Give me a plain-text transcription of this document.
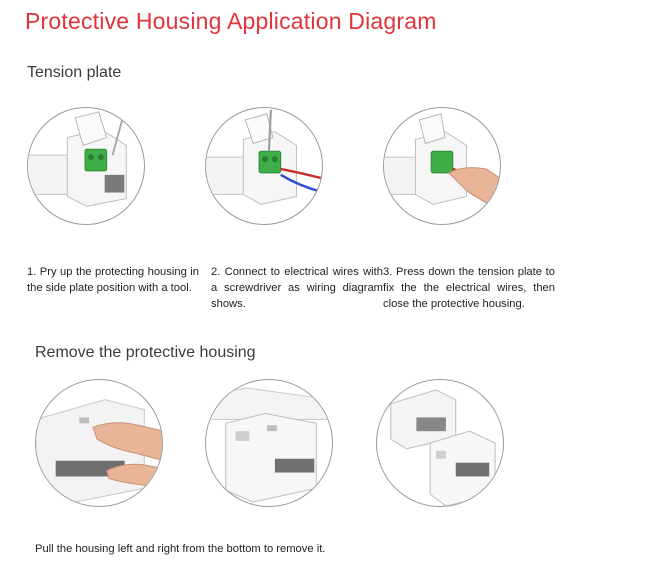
Protective Housing Application Diagram
Tension plate
1. Pry up the protecting housing in the side plate position with a tool.
2. Connect to electrical wires with a screwdriver as wiring diagram shows.
3. Press down the tension plate to fix the the electrical wires, then close the protective housing.
Remove the protective housing
Pull the housing left and right from the bottom to remove it.
